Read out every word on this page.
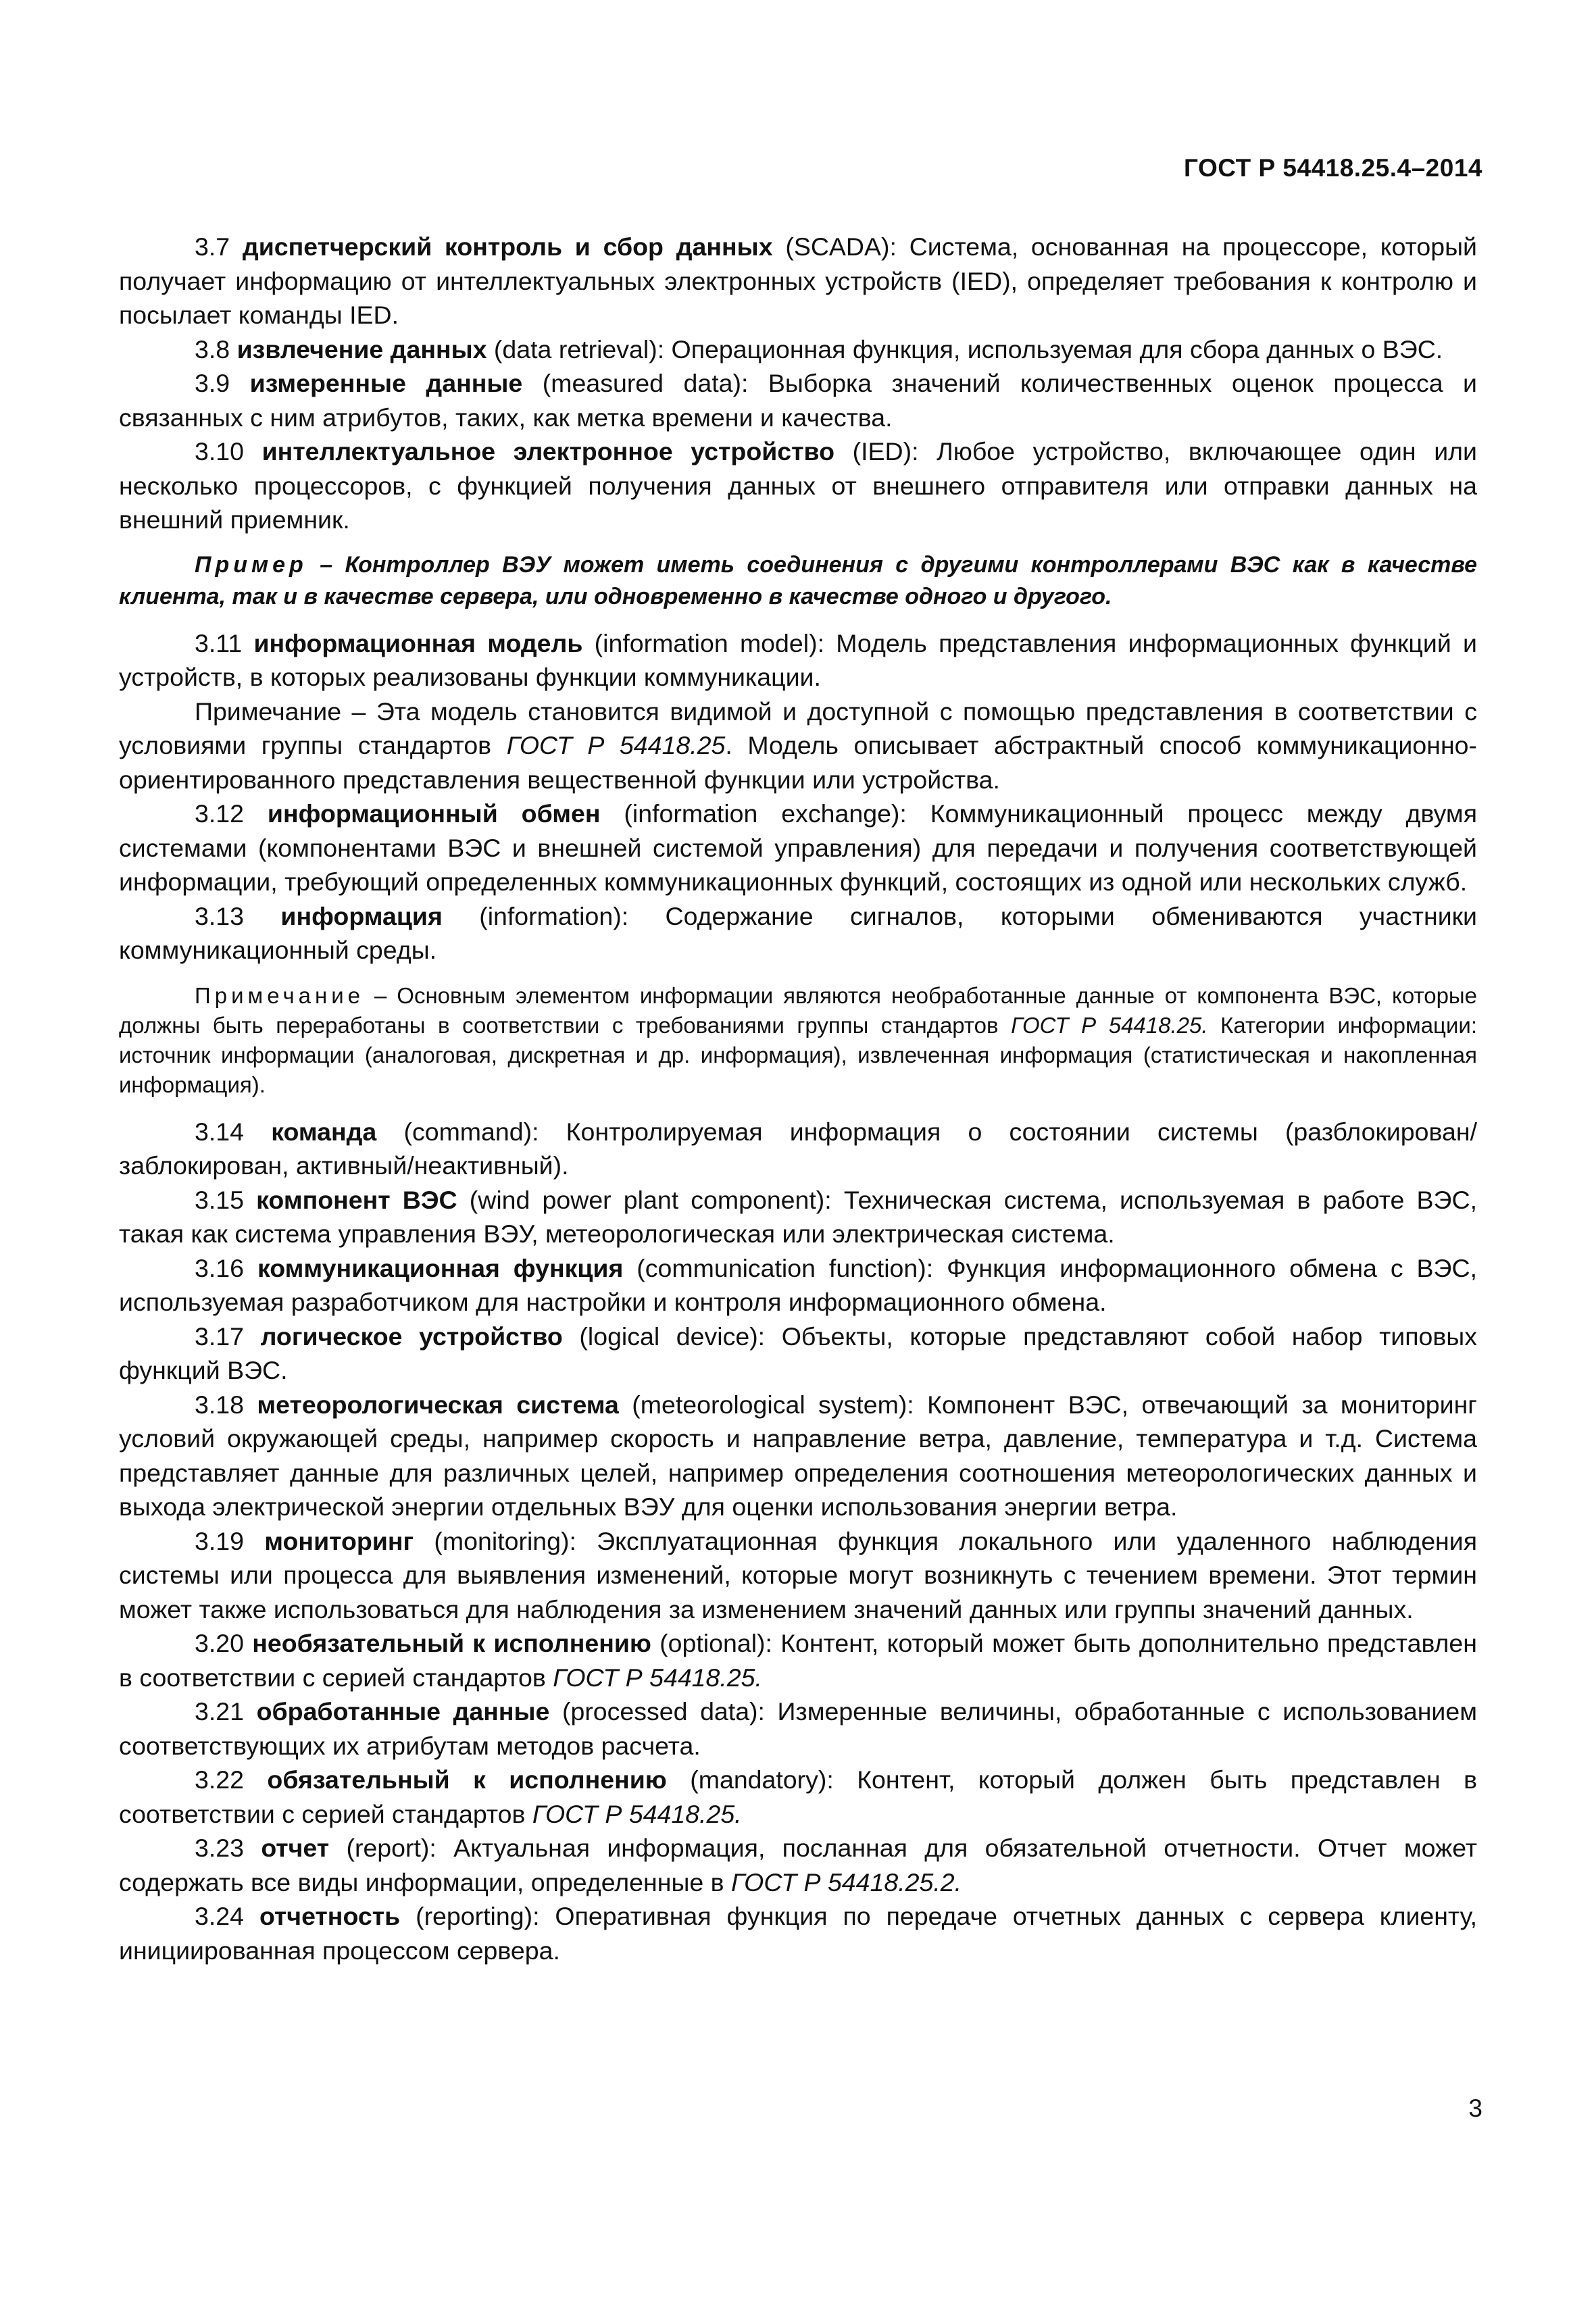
ГОСТ Р 54418.25.4–2014

3.7 диспетчерский контроль и сбор данных (SCADA): Система, основанная на процессоре, который получает информацию от интеллектуальных электронных устройств (IED), определяет требования к контролю и посылает команды IED.

3.8 извлечение данных (data retrieval): Операционная функция, используемая для сбора данных о ВЭС.

3.9 измеренные данные (measured data): Выборка значений количественных оценок процесса и связанных с ним атрибутов, таких, как метка времени и качества.

3.10 интеллектуальное электронное устройство (IED): Любое устройство, включающее один или несколько процессоров, с функцией получения данных от внешнего отправителя или отправки данных на внешний приемник.

Пример – Контроллер ВЭУ может иметь соединения с другими контроллерами ВЭС как в качестве клиента, так и в качестве сервера, или одновременно в качестве одного и другого.

3.11 информационная модель (information model): Модель представления информационных функций и устройств, в которых реализованы функции коммуникации.

Примечание – Эта модель становится видимой и доступной с помощью представления в соответствии с условиями группы стандартов ГОСТ Р 54418.25. Модель описывает абстрактный способ коммуникационно-ориентированного представления вещественной функции или устройства.

3.12 информационный обмен (information exchange): Коммуникационный процесс между двумя системами (компонентами ВЭС и внешней системой управления) для передачи и получения соответствующей информации, требующий определенных коммуникационных функций, состоящих из одной или нескольких служб.

3.13 информация (information): Содержание сигналов, которыми обмениваются участники коммуникационный среды.

Примечание – Основным элементом информации являются необработанные данные от компонента ВЭС, которые должны быть переработаны в соответствии с требованиями группы стандартов ГОСТ Р 54418.25. Категории информации: источник информации (аналоговая, дискретная и др. информация), извлеченная информация (статистическая и накопленная информация).

3.14 команда (command): Контролируемая информация о состоянии системы (разблокирован/заблокирован, активный/неактивный).

3.15 компонент ВЭС (wind power plant component): Техническая система, используемая в работе ВЭС, такая как система управления ВЭУ, метеорологическая или электрическая система.

3.16 коммуникационная функция (communication function): Функция информационного обмена с ВЭС, используемая разработчиком для настройки и контроля информационного обмена.

3.17 логическое устройство (logical device): Объекты, которые представляют собой набор типовых функций ВЭС.

3.18 метеорологическая система (meteorological system): Компонент ВЭС, отвечающий за мониторинг условий окружающей среды, например скорость и направление ветра, давление, температура и т.д. Система представляет данные для различных целей, например определения соотношения метеорологических данных и выхода электрической энергии отдельных ВЭУ для оценки использования энергии ветра.

3.19 мониторинг (monitoring): Эксплуатационная функция локального или удаленного наблюдения системы или процесса для выявления изменений, которые могут возникнуть с течением времени. Этот термин может также использоваться для наблюдения за изменением значений данных или группы значений данных.

3.20 необязательный к исполнению (optional): Контент, который может быть дополнительно представлен в соответствии с серией стандартов ГОСТ Р 54418.25.

3.21 обработанные данные (processed data): Измеренные величины, обработанные с использованием соответствующих их атрибутам методов расчета.

3.22 обязательный к исполнению (mandatory): Контент, который должен быть представлен в соответствии с серией стандартов ГОСТ Р 54418.25.

3.23 отчет (report): Актуальная информация, посланная для обязательной отчетности. Отчет может содержать все виды информации, определенные в ГОСТ Р 54418.25.2.

3.24 отчетность (reporting): Оперативная функция по передаче отчетных данных с сервера клиенту, инициированная процессом сервера.

3
